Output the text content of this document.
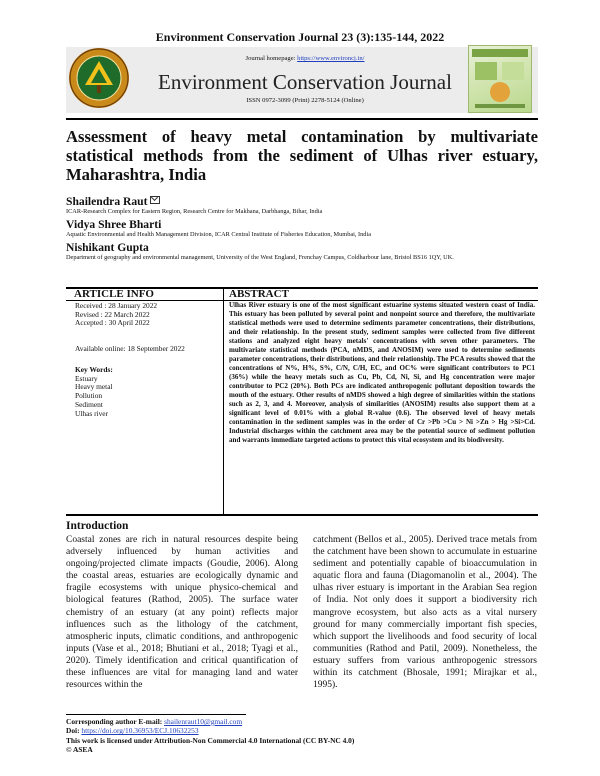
Environment Conservation Journal 23 (3):135-144, 2022
Journal homepage: https://www.environcj.in/
Environment Conservation Journal
ISSN 0972-3099 (Print) 2278-5124 (Online)
Assessment of heavy metal contamination by multivariate statistical methods from the sediment of Ulhas river estuary, Maharashtra, India
Shailendra Raut
ICAR-Research Complex for Eastern Region, Research Centre for Makhana, Darbhanga, Bihar, India
Vidya Shree Bharti
Aquatic Environmental and Health Management Division, ICAR Central Institute of Fisheries Education, Mumbai, India
Nishikant Gupta
Department of geography and environmental management, University of the West England, Frenchay Campus, Coldharbour lane, Bristol BS16 1QY, UK.
ARTICLE INFO	ABSTRACT
Received : 28 January 2022
Revised : 22 March 2022
Accepted : 30 April 2022
Available online: 18 September 2022
Key Words:
Estuary
Heavy metal
Pollution
Sediment
Ulhas river
Ulhas River estuary is one of the most significant estuarine systems situated western coast of India. This estuary has been polluted by several point and nonpoint source and therefore, the multivariate statistical methods were used to determine sediments parameter concentrations, their distributions, and their relationship. In the present study, sediment samples were collected from five different stations and analyzed eight heavy metals' concentrations with seven other parameters. The multivariate statistical methods (PCA, nMDS, and ANOSIM) were used to determine sediments parameter concentrations, their distributions, and their relationship. The PCA results showed that the concentrations of N%, H%, S%, C/N, C/H, EC, and OC% were significant contributors to PC1 (36%) while the heavy metals such as Cu, Pb, Cd, Ni, Si, and Hg concentration were major contributor to PC2 (20%). Both PCs are indicated anthropogenic pollutant deposition towards the mouth of the estuary. Other results of nMDS showed a high degree of similarities within the stations such as 2, 3, and 4. Moreover, analysis of similarities (ANOSIM) results also support them at a significant level of 0.01% with a global R-value (0.6). The observed level of heavy metals contamination in the sediment samples was in the order of Cr >Pb >Cu > Ni >Zn > Hg >Si>Cd. Industrial discharges within the catchment area may be the potential source of sediment pollution and warrants immediate targeted actions to protect this vital ecosystem and its biodiversity.
Introduction
Coastal zones are rich in natural resources despite being adversely influenced by human activities and ongoing/projected climate impacts (Goudie, 2006). Along the coastal areas, estuaries are ecologically dynamic and fragile ecosystems with unique physico-chemical and biological features (Rathod, 2005). The surface water chemistry of an estuary (at any point) reflects major influences such as the lithology of the catchment, atmospheric inputs, climatic conditions, and anthropogenic inputs (Vase et al., 2018; Bhutiani et al., 2018; Tyagi et al., 2020). Timely identification and critical quantification of these influences are vital for managing land and water resources within the
catchment (Bellos et al., 2005). Derived trace metals from the catchment have been shown to accumulate in estuarine sediment and potentially capable of bioaccumulation in aquatic flora and fauna (Diagomanolin et al., 2004). The ulhas river estuary is important in the Arabian Sea region of India. Not only does it support a biodiversity rich mangrove ecosystem, but also acts as a vital nursery ground for many commercially important fish species, which support the livelihoods and food security of local communities (Rathod and Patil, 2009). Nonetheless, the estuary suffers from various anthropogenic stressors within its catchment (Bhosale, 1991; Mirajkar et al., 1995).
Corresponding author E-mail: shailenraut10@gmail.com
Doi: https://doi.org/10.36953/ECJ.10632253
This work is licensed under Attribution-Non Commercial 4.0 International (CC BY-NC 4.0)
© ASEA
